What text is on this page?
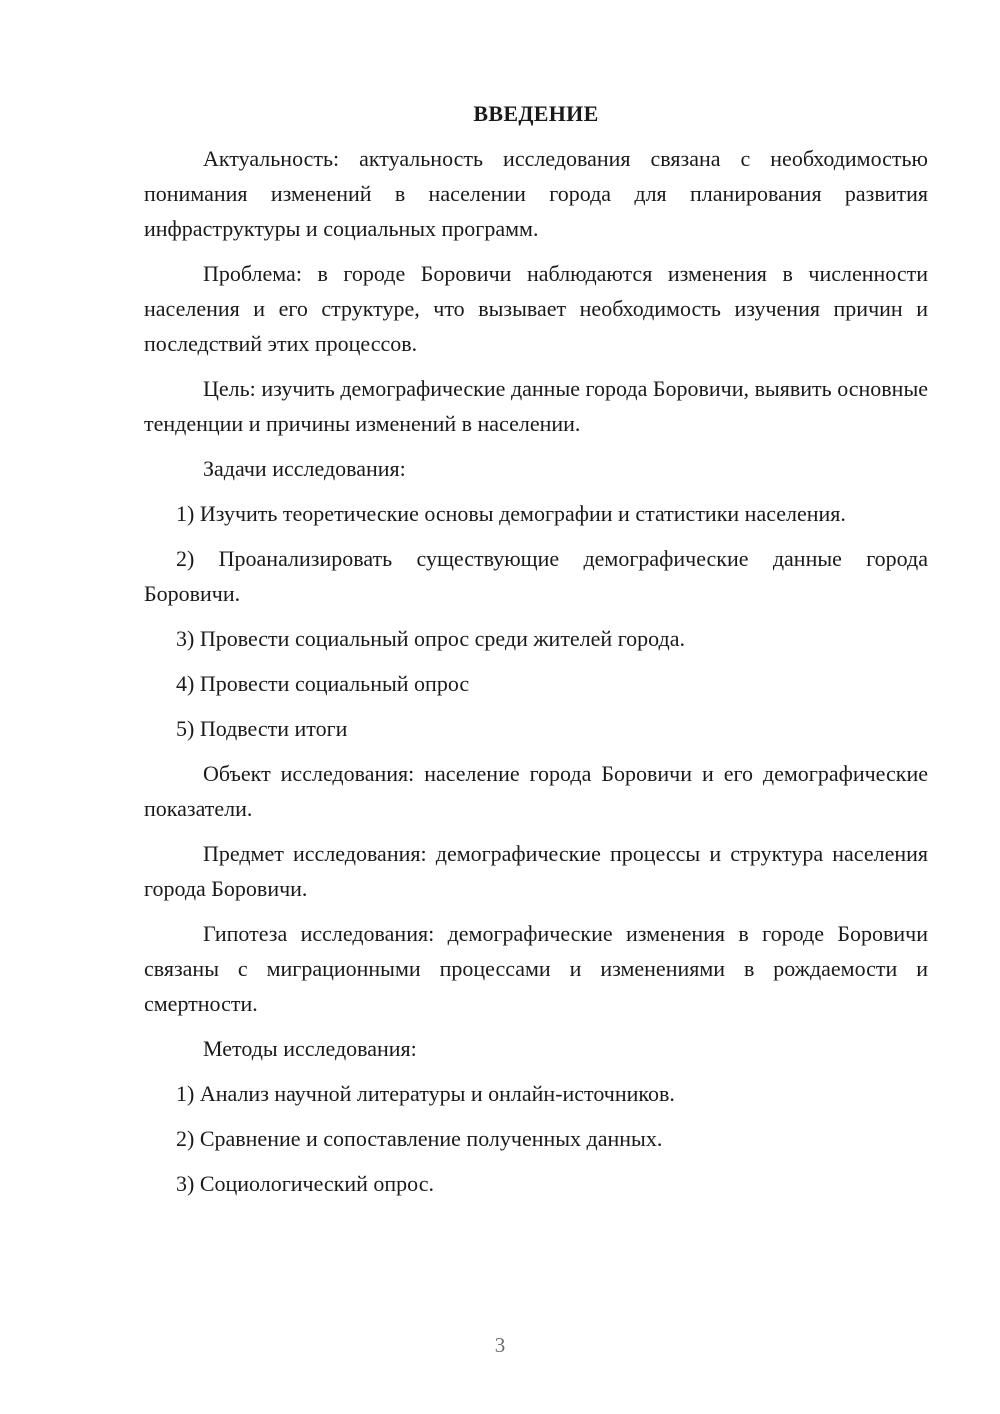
ВВЕДЕНИЕ

Актуальность: актуальность исследования связана с необходимостью понимания изменений в населении города для планирования развития инфраструктуры и социальных программ.

Проблема: в городе Боровичи наблюдаются изменения в численности населения и его структуре, что вызывает необходимость изучения причин и последствий этих процессов.

Цель: изучить демографические данные города Боровичи, выявить основные тенденции и причины изменений в населении.

Задачи исследования:

1) Изучить теоретические основы демографии и статистики населения.

2) Проанализировать существующие демографические данные города Боровичи.

3) Провести социальный опрос среди жителей города.

4) Провести социальный опрос

5) Подвести итоги

Объект исследования: население города Боровичи и его демографические показатели.

Предмет исследования: демографические процессы и структура населения города Боровичи.

Гипотеза исследования: демографические изменения в городе Боровичи связаны с миграционными процессами и изменениями в рождаемости и смертности.

Методы исследования:

1) Анализ научной литературы и онлайн-источников.

2) Сравнение и сопоставление полученных данных.

3) Социологический опрос.

3
